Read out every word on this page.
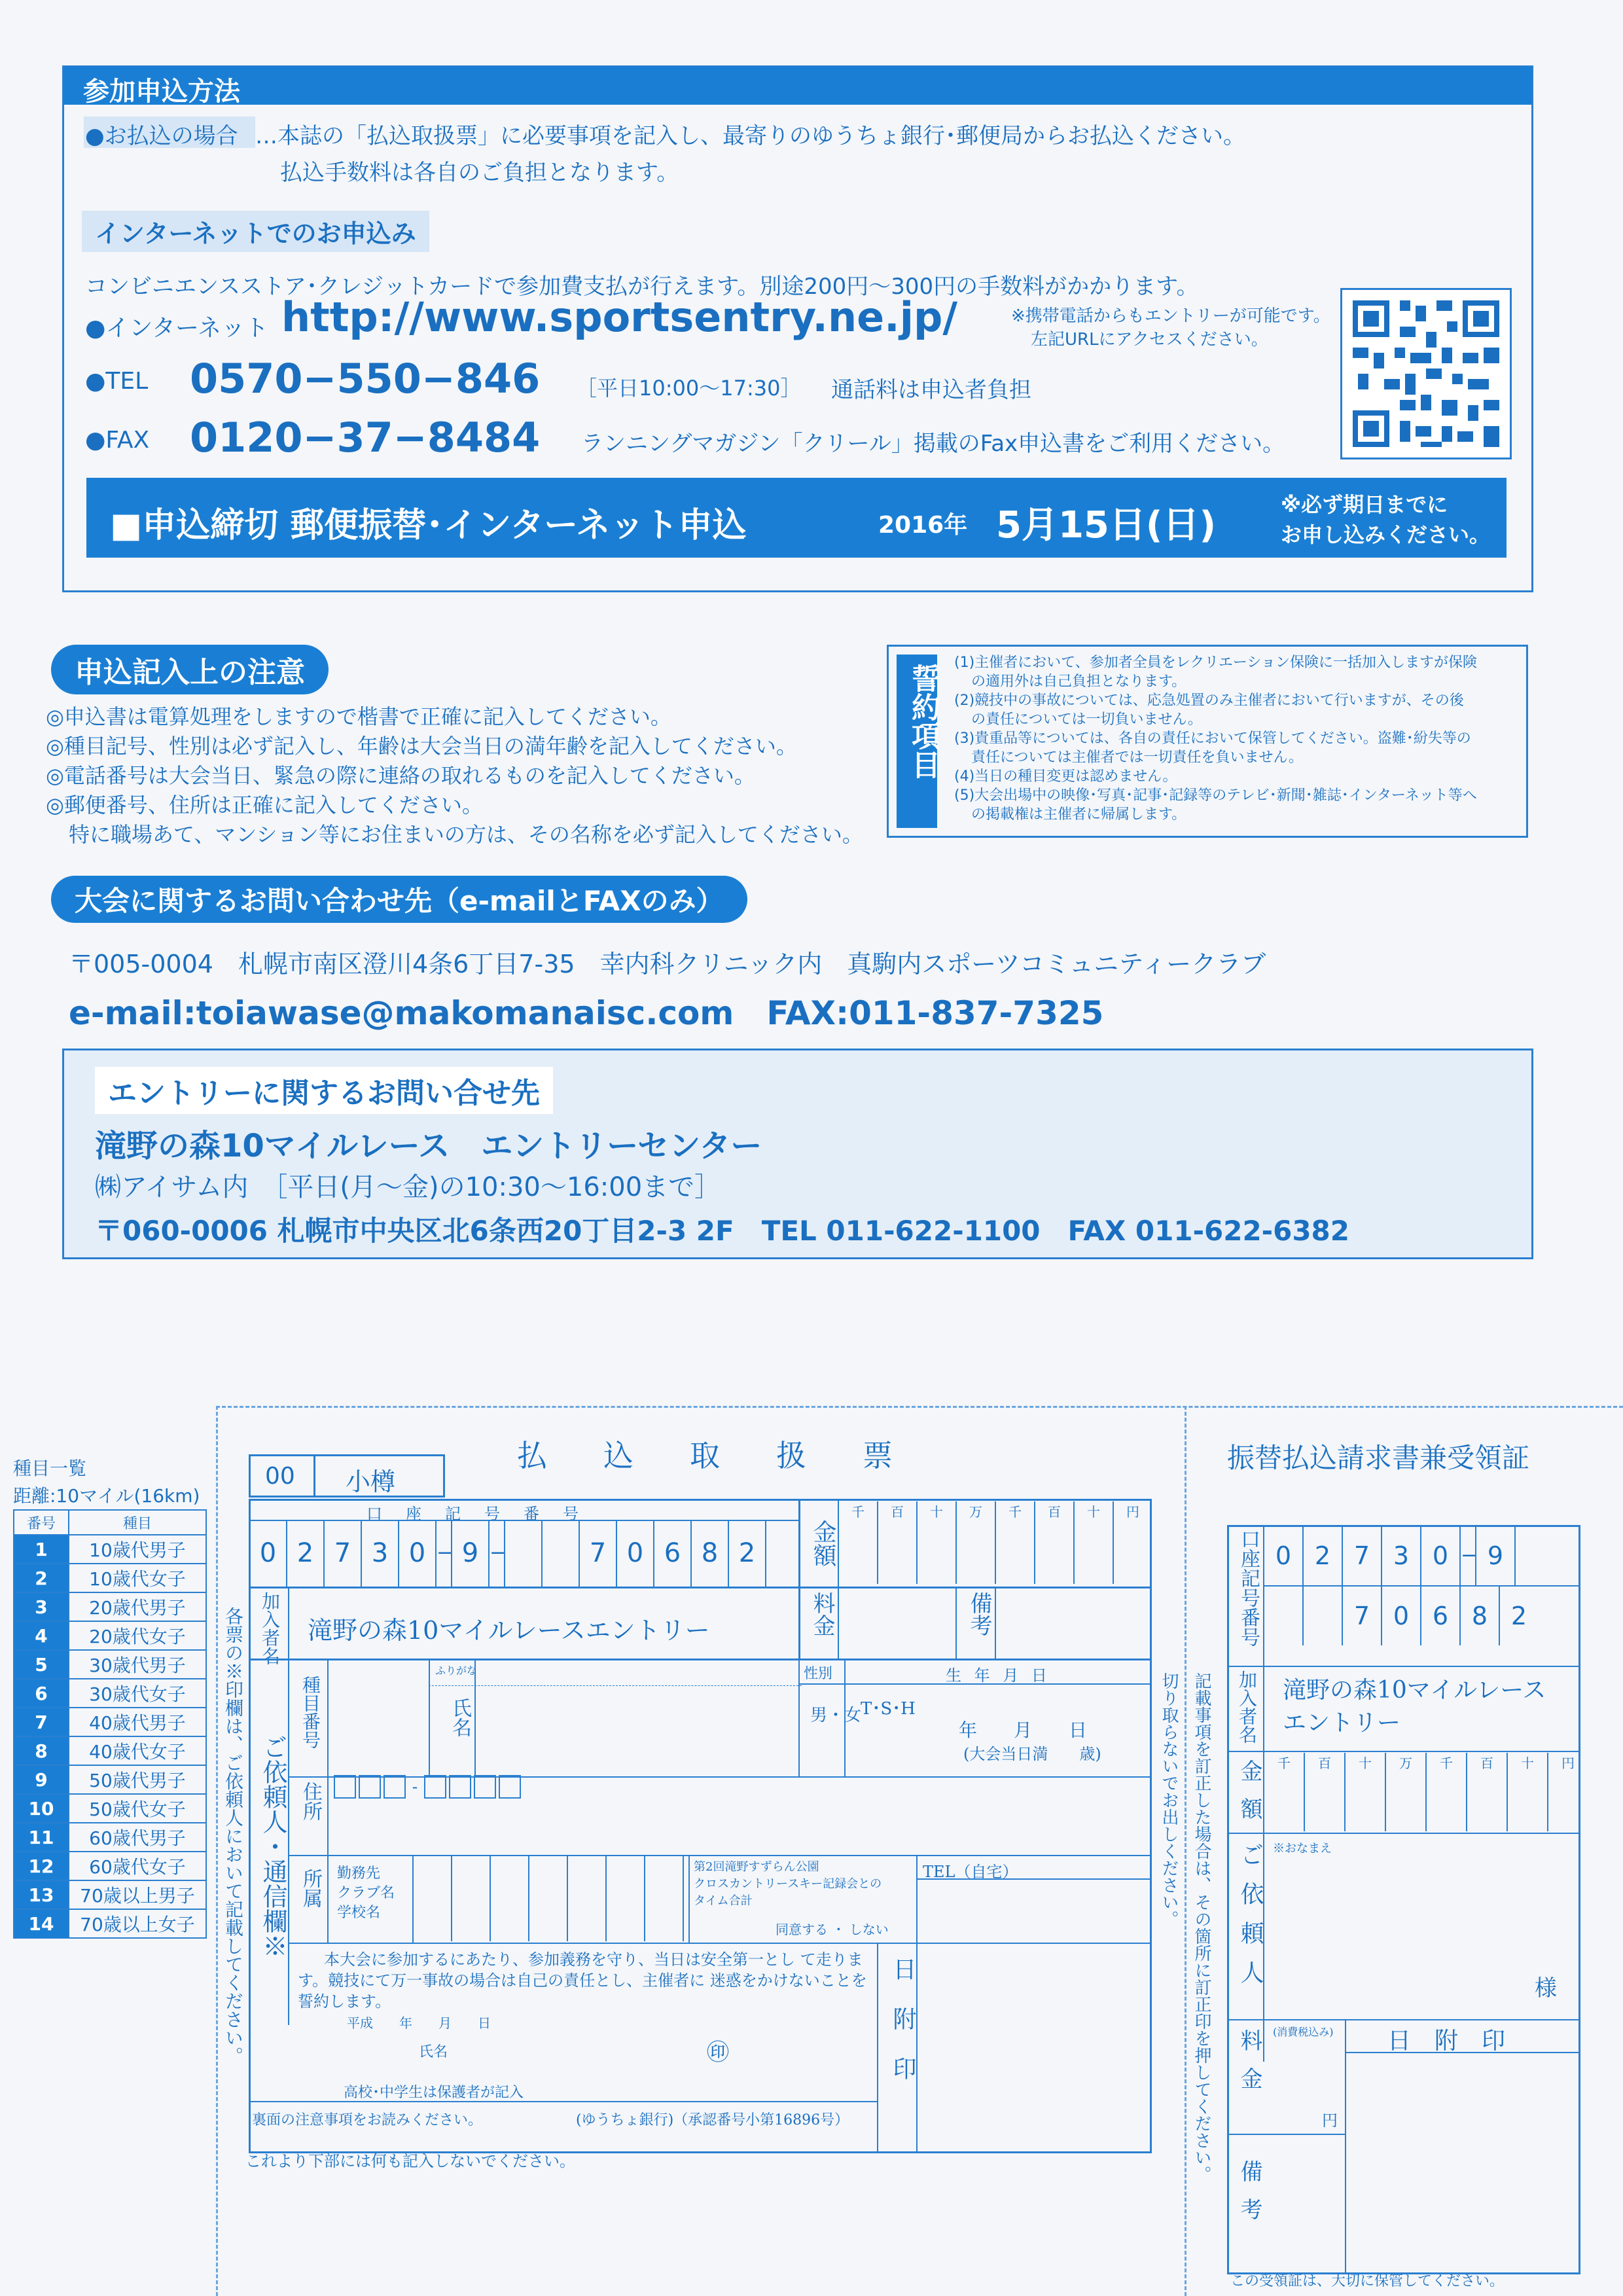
参加申込方法
●お払込の場合 …本誌の「払込取扱票」に必要事項を記入し、最寄りのゆうちょ銀行･郵便局からお払込ください。
払込手数料は各自のご負担となります。
インターネットでのお申込み
コンビニエンスストア･クレジットカードで参加費支払が行えます。別途200円～300円の手数料がかかります。
●インターネット http://www.sportsentry.ne.jp/	※携帯電話からもエントリーが可能です。
左記URLにアクセスください。
●TEL 0570−550−846 ［平日10:00～17:30］ 通話料は申込者負担
●FAX 0120−37−8484 ランニングマガジン「クリール」掲載のFax申込書をご利用ください。
■申込締切 郵便振替･インターネット申込	2016年 5月15日(日)	※必ず期日までに
お申し込みください。
申込記入上の注意
◎申込書は電算処理をしますので楷書で正確に記入してください。
◎種目記号、性別は必ず記入し、年齢は大会当日の満年齢を記入してください。
◎電話番号は大会当日、緊急の際に連絡の取れるものを記入してください。
◎郵便番号、住所は正確に記入してください。
特に職場あて、マンション等にお住まいの方は、その名称を必ず記入してください。
誓約項目
(1)主催者において、参加者全員をレクリエーション保険に一括加入しますが保険
の適用外は自己負担となります。
(2)競技中の事故については、応急処置のみ主催者において行いますが、その後
の責任については一切負いません。
(3)貴重品等については、各自の責任において保管してください。盗難･紛失等の
責任については主催者では一切責任を負いません。
(4)当日の種目変更は認めません。
(5)大会出場中の映像･写真･記事･記録等のテレビ･新聞･雑誌･インターネット等へ
の掲載権は主催者に帰属します。
大会に関するお問い合わせ先（e-mailとFAXのみ）
〒005-0004　札幌市南区澄川4条6丁目7-35　幸内科クリニック内　真駒内スポーツコミュニティークラブ
e-mail:toiawase@makomanaisc.com　FAX:011-837-7325
エントリーに関するお問い合せ先
滝野の森10マイルレース　エントリーセンター
㈱アイサム内　［平日(月～金)の10:30～16:00まで］
〒060-0006 札幌市中央区北6条西20丁目2-3 2F　TEL 011-622-1100　FAX 011-622-6382
種目一覧
距離:10マイル(16km)
番号	種目
1	10歳代男子
2	10歳代女子
3	20歳代男子
4	20歳代女子
5	30歳代男子
6	30歳代女子
7	40歳代男子
8	40歳代女子
9	50歳代男子
10	50歳代女子
11	60歳代男子
12	60歳代女子
13	70歳以上男子
14	70歳以上女子 各票の※印欄は、ご依頼人において記載してください。
払　込　取　扱　票
00 小樽
口　座　記　号　番　号
0 2 7 3 0 − 9 −	7 0 6 8 2	金額
千	百	十	万	千	百	十	円
加入者名 滝野の森10マイルレースエントリー	料金	備考
ご依頼人・通信欄※
種目番号
ふりがな
氏名
性別
男・女
生 年 月 日
T･S･H
年　　月　　日
(大会当日満　　歳)
住所	-
所属 勤務先
クラブ名
学校名
第2回滝野すずらん公園
クロスカントリースキー記録会との
タイム合計
同意する ・ しない
TEL（自宅）
本大会に参加するにあたり、参加義務を守り、当日は安全第一とし て走ります。競技にて万一事故の場合は自己の責任とし、主催者に 迷惑をかけないことを誓約します。
平成　　年　　月　　日
氏名	㊞
高校･中学生は保護者が記入	日附印
裏面の注意事項をお読みください。	(ゆうちょ銀行)（承認番号小第16896号）
これより下部には何も記入しないでください。
切り取らないでお出しください。 記載事項を訂正した場合は、その箇所に訂正印を押してください。
振替払込請求書兼受領証
口座記号番号 0 2 7 3 0 − 9
7 0 6 8 2
加入者名 滝野の森10マイルレース
エントリー
金額	千	百	十	万	千	百	十	円
ご依頼人 ※おなまえ
様
料金	(消費税込み)
円
日　附　印
備考
この受領証は、大切に保管してください。
